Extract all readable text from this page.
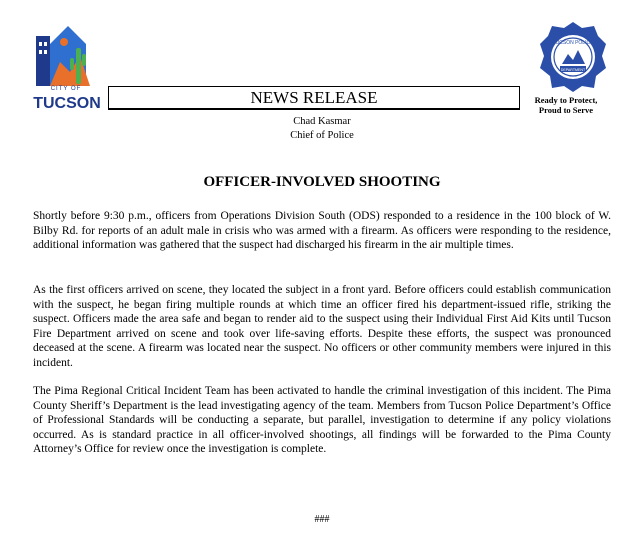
CITY OF
TUCSON	NEWS RELEASE
TUCSON POLICE
DEPARTMENT
Ready to Protect,
Proud to Serve
Chad Kasmar
Chief of Police
OFFICER-INVOLVED SHOOTING

Shortly before 9:30 p.m., officers from Operations Division South (ODS) responded to a residence in the 100 block of W. Bilby Rd. for reports of an adult male in crisis who was armed with a firearm. As officers were responding to the residence, additional information was gathered that the suspect had discharged his firearm in the air multiple times.

As the first officers arrived on scene, they located the subject in a front yard. Before officers could establish communication with the suspect, he began firing multiple rounds at which time an officer fired his department-issued rifle, striking the suspect. Officers made the area safe and began to render aid to the suspect using their Individual First Aid Kits until Tucson Fire Department arrived on scene and took over life-saving efforts. Despite these efforts, the suspect was pronounced deceased at the scene. A firearm was located near the suspect. No officers or other community members were injured in this incident.

The Pima Regional Critical Incident Team has been activated to handle the criminal investigation of this incident. The Pima County Sheriff’s Department is the lead investigating agency of the team. Members from Tucson Police Department’s Office of Professional Standards will be conducting a separate, but parallel, investigation to determine if any policy violations occurred. As is standard practice in all officer-involved shootings, all findings will be forwarded to the Pima County Attorney’s Office for review once the investigation is complete.

###
